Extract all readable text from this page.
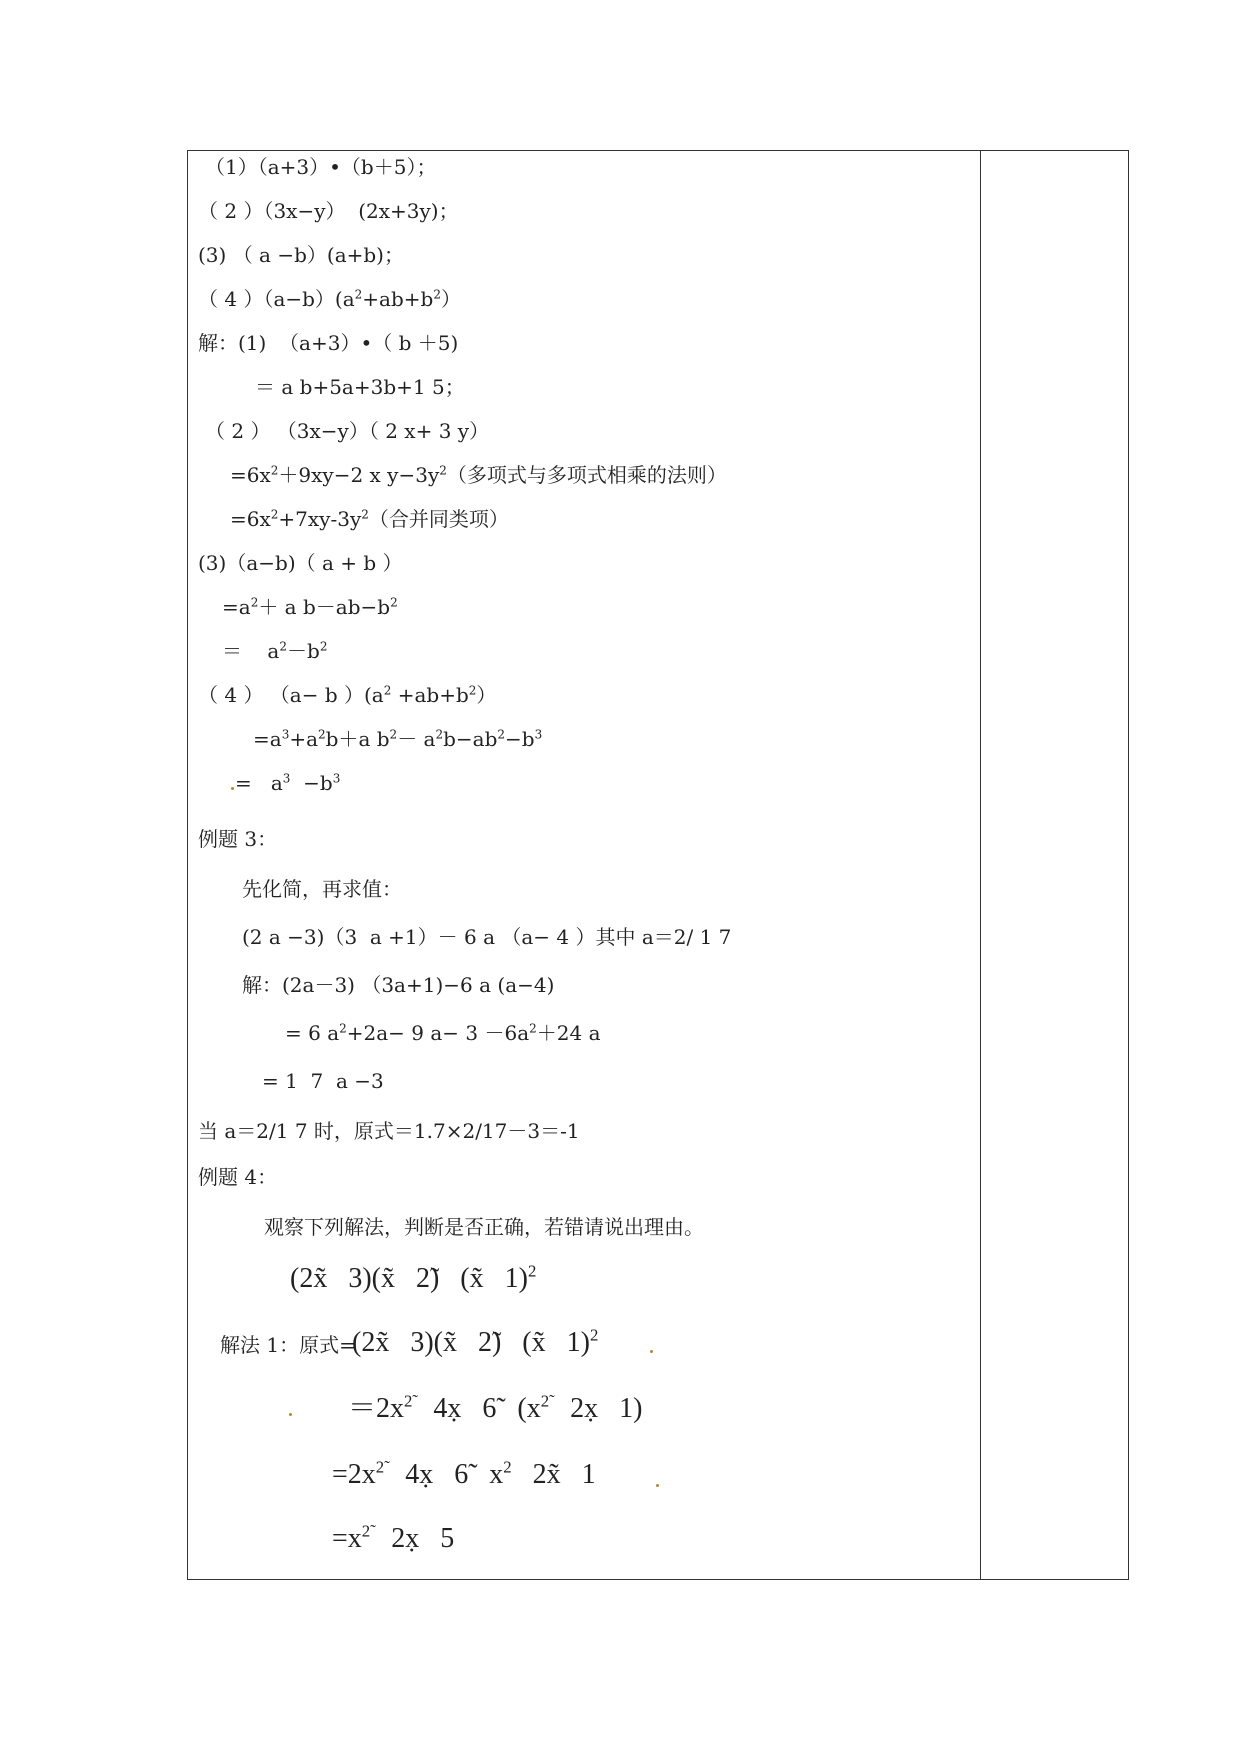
（1）（a+3）•（b＋5）；
（ 2 ）（3x−y）  (2x+3y)；
(3) （ a −b）(a+b)；
（ 4 ）$(a-b)(a^2+ab+b^2)$
解：(1)  （a+3）•（ b ＋5)
＝ a b+5a+3b+1 5；
（ 2 ） （3x−y）（ 2 x+ 3 y）
$=6x^2+9xy-2$ x $y-3y^2$（多项式与多项式相乘的法则）
$=6x^2+7xy-3y^2$（合并同类项）
(3)（a−b)（ a + b ）
$=a^2+ a$ $b-ab-b^2$
＝    $a^2-b^2$
（ 4 ） （a− b ）$(a^2 +ab+b^2)$
$=a^3+a^2b+a$ $b^2- a^2b-ab^2-b^3$
=   $a^3 -b^3$
例题 3：
先化简，再求值：
(2 a −3)（3  a +1）－ 6 a （a− 4 ）其中 a＝2/ 1 7
解：(2a－3) （3a+1)−6 a (a−4)
= 6 $a^2+2a- 9$ $a- 3 -6a^2+24$ a
= 1  7  a −3
当 a＝2/1 7 时，原式＝1.7×2/17－3＝-1
例题 4：
观察下列解法，判断是否正确，若错请说出理由。
(2x̃   3)(x̃   2̃)   (x̃   1)$^2$
解法 1：原式=
(2x̃   3)(x̃   2̃)   (x̃   1)$^2$
$=2x^{2̃}$   4x̣   6̃   ($x^{2̃}$   2x̣   1)
$=2x^{2̃}$   4x̣   6̃   $x^2$   2x̃   1
$=x^{2̃}$   2x̣   5
